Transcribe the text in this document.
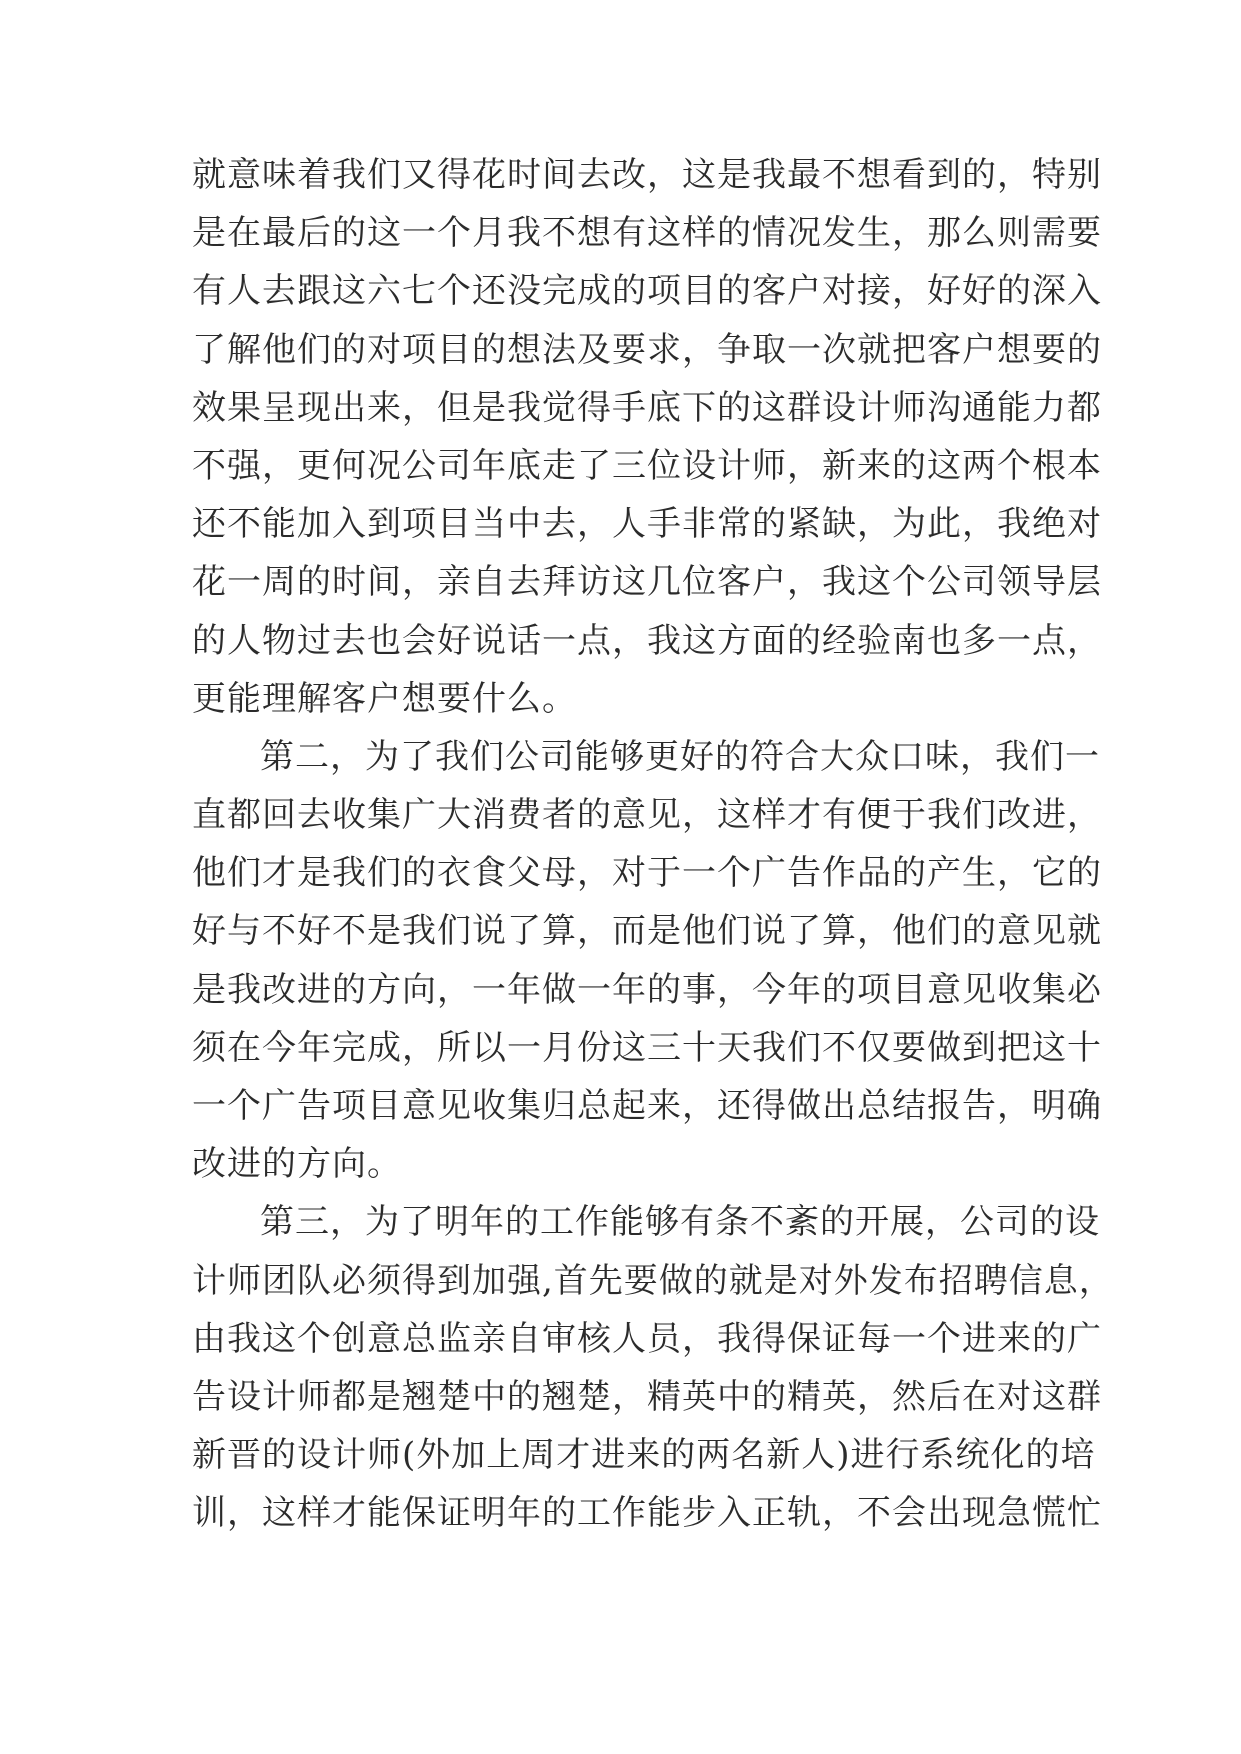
就意味着我们又得花时间去改，这是我最不想看到的，特别
是在最后的这一个月我不想有这样的情况发生，那么则需要
有人去跟这六七个还没完成的项目的客户对接，好好的深入
了解他们的对项目的想法及要求，争取一次就把客户想要的
效果呈现出来，但是我觉得手底下的这群设计师沟通能力都
不强，更何况公司年底走了三位设计师，新来的这两个根本
还不能加入到项目当中去，人手非常的紧缺，为此，我绝对
花一周的时间，亲自去拜访这几位客户，我这个公司领导层
的人物过去也会好说话一点，我这方面的经验南也多一点，
更能理解客户想要什么。
第二，为了我们公司能够更好的符合大众口味，我们一
直都回去收集广大消费者的意见，这样才有便于我们改进，
他们才是我们的衣食父母，对于一个广告作品的产生，它的
好与不好不是我们说了算，而是他们说了算，他们的意见就
是我改进的方向，一年做一年的事，今年的项目意见收集必
须在今年完成，所以一月份这三十天我们不仅要做到把这十
一个广告项目意见收集归总起来，还得做出总结报告，明确
改进的方向。
第三，为了明年的工作能够有条不紊的开展，公司的设
计师团队必须得到加强,首先要做的就是对外发布招聘信息，
由我这个创意总监亲自审核人员，我得保证每一个进来的广
告设计师都是翘楚中的翘楚，精英中的精英，然后在对这群
新晋的设计师(外加上周才进来的两名新人)进行系统化的培
训，这样才能保证明年的工作能步入正轨，不会出现急慌忙
